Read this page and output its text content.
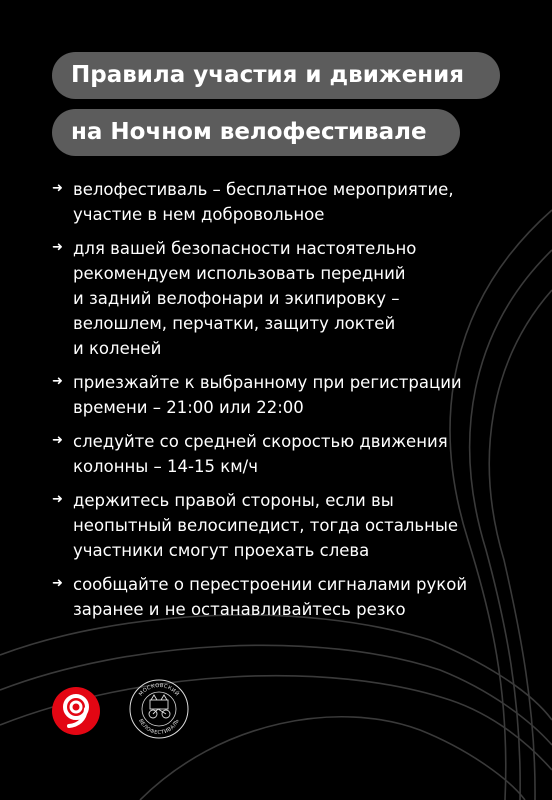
Правила участия и движения
на Ночном велофестивале
➜ велофестиваль – бесплатное мероприятие,
участие в нем добровольное
➜ для вашей безопасности настоятельно
рекомендуем использовать передний
и задний велофонари и экипировку –
велошлем, перчатки, защиту локтей
и коленей
➜ приезжайте к выбранному при регистрации
времени – 21:00 или 22:00
➜ следуйте со средней скоростью движения
колонны – 14-15 км/ч
➜ держитесь правой стороны, если вы
неопытный велосипедист, тогда остальные
участники смогут проехать слева
➜ сообщайте о перестроении сигналами рукой
заранее и не останавливайтесь резко
МОСКОВСКИЙ
ВЕЛОФЕСТИВАЛЬ
